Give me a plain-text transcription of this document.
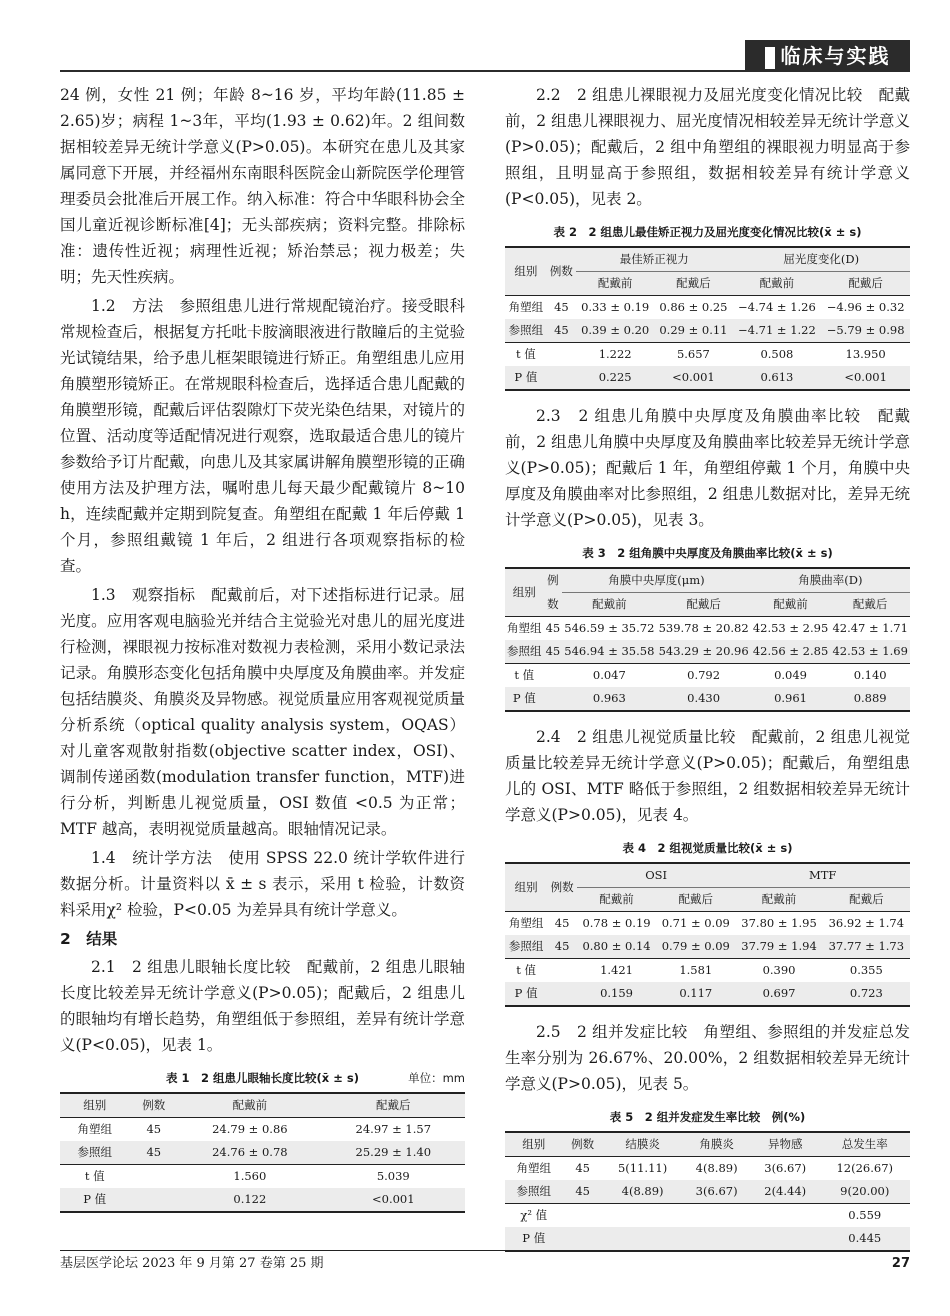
临床与实践

24 例，女性 21 例；年龄 8~16 岁，平均年龄(11.85 ± 2.65)岁；病程 1~3年，平均(1.93 ± 0.62)年。2 组间数据相较差异无统计学意义(P>0.05)。本研究在患儿及其家属同意下开展，并经福州东南眼科医院金山新院医学伦理管理委员会批准后开展工作。纳入标准：符合中华眼科协会全国儿童近视诊断标准[4]；无头部疾病；资料完整。排除标准：遗传性近视；病理性近视；矫治禁忌；视力极差；失明；先天性疾病。

1.2　方法　参照组患儿进行常规配镜治疗。接受眼科常规检查后，根据复方托吡卡胺滴眼液进行散瞳后的主觉验光试镜结果，给予患儿框架眼镜进行矫正。角塑组患儿应用角膜塑形镜矫正。在常规眼科检查后，选择适合患儿配戴的角膜塑形镜，配戴后评估裂隙灯下荧光染色结果，对镜片的位置、活动度等适配情况进行观察，选取最适合患儿的镜片参数给予订片配戴，向患儿及其家属讲解角膜塑形镜的正确使用方法及护理方法，嘱咐患儿每天最少配戴镜片 8~10 h，连续配戴并定期到院复查。角塑组在配戴 1 年后停戴 1 个月，参照组戴镜 1 年后，2 组进行各项观察指标的检查。

1.3　观察指标　配戴前后，对下述指标进行记录。屈光度。应用客观电脑验光并结合主觉验光对患儿的屈光度进行检测，裸眼视力按标准对数视力表检测，采用小数记录法记录。角膜形态变化包括角膜中央厚度及角膜曲率。并发症包括结膜炎、角膜炎及异物感。视觉质量应用客观视觉质量分析系统（optical quality analysis system，OQAS）对儿童客观散射指数(objective scatter index，OSI)、调制传递函数(modulation transfer function，MTF)进行分析，判断患儿视觉质量，OSI 数值 <0.5 为正常；MTF 越高，表明视觉质量越高。眼轴情况记录。

1.4　统计学方法　使用 SPSS 22.0 统计学软件进行数据分析。计量资料以 x̄ ± s 表示，采用 t 检验，计数资料采用χ² 检验，P<0.05 为差异具有统计学意义。

2　结果

2.1　2 组患儿眼轴长度比较　配戴前，2 组患儿眼轴长度比较差异无统计学意义(P>0.05)；配戴后，2 组患儿的眼轴均有增长趋势，角塑组低于参照组，差异有统计学意义(P<0.05)，见表 1。

表 1　2 组患儿眼轴长度比较(x̄ ± s)	单位：mm
组别	例数	配戴前	配戴后
角塑组	45	24.79 ± 0.86	24.97 ± 1.57
参照组	45	24.76 ± 0.78	25.29 ± 1.40
t 值		1.560	5.039
P 值		0.122	<0.001

2.2　2 组患儿裸眼视力及屈光度变化情况比较　配戴前，2 组患儿裸眼视力、屈光度情况相较差异无统计学意义(P>0.05)；配戴后，2 组中角塑组的裸眼视力明显高于参照组，且明显高于参照组，数据相较差异有统计学意义(P<0.05)，见表 2。

表 2　2 组患儿最佳矫正视力及屈光度变化情况比较(x̄ ± s)
组别	例数	最佳矫正视力		屈光度变化(D)	
		配戴前	配戴后	配戴前	配戴后
角塑组	45	0.33 ± 0.19	0.86 ± 0.25	−4.74 ± 1.26	−4.96 ± 0.32
参照组	45	0.39 ± 0.20	0.29 ± 0.11	−4.71 ± 1.22	−5.79 ± 0.98
t 值		1.222	5.657	0.508	13.950
P 值		0.225	<0.001	0.613	<0.001

2.3　2 组患儿角膜中央厚度及角膜曲率比较　配戴前，2 组患儿角膜中央厚度及角膜曲率比较差异无统计学意义(P>0.05)；配戴后 1 年，角塑组停戴 1 个月，角膜中央厚度及角膜曲率对比参照组，2 组患儿数据对比，差异无统计学意义(P>0.05)，见表 3。

表 3　2 组角膜中央厚度及角膜曲率比较(x̄ ± s)
组别	例	角膜中央厚度(μm)		角膜曲率(D)	
	数	配戴前	配戴后	配戴前	配戴后
角塑组	45	546.59 ± 35.72	539.78 ± 20.82	42.53 ± 2.95	42.47 ± 1.71
参照组	45	546.94 ± 35.58	543.29 ± 20.96	42.56 ± 2.85	42.53 ± 1.69
t 值		0.047	0.792	0.049	0.140
P 值		0.963	0.430	0.961	0.889

2.4　2 组患儿视觉质量比较　配戴前，2 组患儿视觉质量比较差异无统计学意义(P>0.05)；配戴后，角塑组患儿的 OSI、MTF 略低于参照组，2 组数据相较差异无统计学意义(P>0.05)，见表 4。

表 4　2 组视觉质量比较(x̄ ± s)
组别	例数	OSI		MTF	
		配戴前	配戴后	配戴前	配戴后
角塑组	45	0.78 ± 0.19	0.71 ± 0.09	37.80 ± 1.95	36.92 ± 1.74
参照组	45	0.80 ± 0.14	0.79 ± 0.09	37.79 ± 1.94	37.77 ± 1.73
t 值		1.421	1.581	0.390	0.355
P 值		0.159	0.117	0.697	0.723

2.5　2 组并发症比较　角塑组、参照组的并发症总发生率分别为 26.67%、20.00%，2 组数据相较差异无统计学意义(P>0.05)，见表 5。

表 5　2 组并发症发生率比较　例(%)
组别	例数	结膜炎	角膜炎	异物感	总发生率
角塑组	45	5(11.11)	4(8.89)	3(6.67)	12(26.67)
参照组	45	4(8.89)	3(6.67)	2(4.44)	9(20.00)
χ² 值					0.559
P 值					0.445
基层医学论坛 2023 年 9 月第 27 卷第 25 期	27
